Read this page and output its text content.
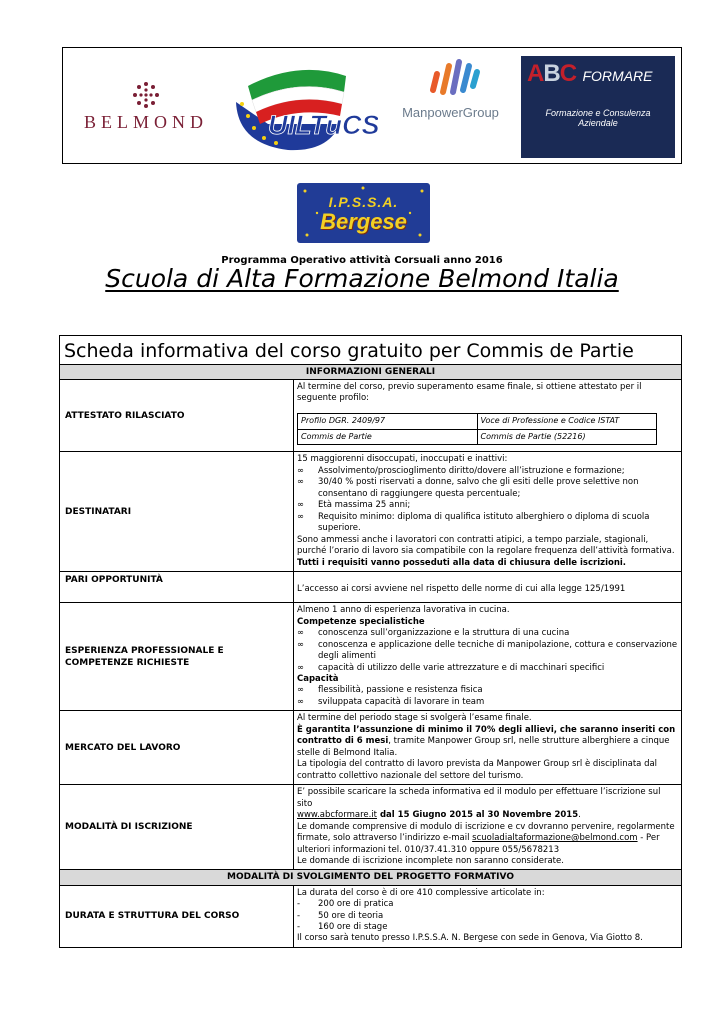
BELMOND	UILTuCS	ManpowerGroup
ABC FORMARE
Formazione e Consulenza Aziendale
I.P.S.S.A.
Bergese
Programma Operativo attività Corsuali anno 2016
Scuola di Alta Formazione Belmond Italia
Scheda informativa del corso gratuito per Commis de Partie
INFORMAZIONI GENERALI
ATTESTATO RILASCIATO	
Al termine del corso, previo superamento esame finale, si ottiene attestato per il seguente profilo:
Profilo DGR. 2409/97	Voce di Professione e Codice ISTAT
Commis de Partie	Commis de Partie (52216)

DESTINATARI	
15 maggiorenni disoccupati, inoccupati e inattivi:
∞	Assolvimento/proscioglimento diritto/dovere all’istruzione e formazione;
∞	30/40 % posti riservati a donne, salvo che gli esiti delle prove selettive non consentano di raggiungere questa percentuale;
∞	Età massima 25 anni;
∞	Requisito minimo: diploma di qualifica istituto alberghiero o diploma di scuola superiore.
Sono ammessi anche i lavoratori con contratti atipici, a tempo parziale, stagionali, purché l’orario di lavoro sia compatibile con la regolare frequenza dell’attività formativa.
Tutti i requisiti vanno posseduti alla data di chiusura delle iscrizioni.

PARI OPPORTUNITÀ	L’accesso ai corsi avviene nel rispetto delle norme di cui alla legge 125/1991
ESPERIENZA PROFESSIONALE E COMPETENZE RICHIESTE	
Almeno 1 anno di esperienza lavorativa in cucina.
Competenze specialistiche
∞	conoscenza sull’organizzazione e la struttura di una cucina
∞	conoscenza e applicazione delle tecniche di manipolazione, cottura e conservazione degli alimenti
∞	capacità di utilizzo delle varie attrezzature e di macchinari specifici
Capacità
∞	flessibilità, passione e resistenza fisica
∞	sviluppata capacità di lavorare in team

MERCATO DEL LAVORO	
Al termine del periodo stage si svolgerà l’esame finale.
È garantita l’assunzione di minimo il 70% degli allievi, che saranno inseriti con contratto di 6 mesi, tramite Manpower Group srl, nelle strutture alberghiere a cinque stelle di Belmond Italia.
La tipologia del contratto di lavoro prevista da Manpower Group srl è disciplinata dal contratto collettivo nazionale del settore del turismo.

MODALITÀ DI ISCRIZIONE	
E’ possibile scaricare la scheda informativa ed il modulo per effettuare l’iscrizione sul sito
www.abcformare.it dal 15 Giugno 2015 al 30 Novembre 2015.
Le domande comprensive di modulo di iscrizione e cv dovranno pervenire, regolarmente firmate, solo attraverso l’indirizzo e-mail scuoladialtaformazione@belmond.com - Per ulteriori informazioni tel. 010/37.41.310 oppure 055/5678213
Le domande di iscrizione incomplete non saranno considerate.

MODALITÀ DI SVOLGIMENTO DEL PROGETTO FORMATIVO
DURATA E STRUTTURA DEL CORSO	
La durata del corso è di ore 410 complessive articolate in:
-	200 ore di pratica
-	50 ore di teoria
-	160 ore di stage
Il corso sarà tenuto presso I.P.S.S.A. N. Bergese con sede in Genova, Via Giotto 8.
